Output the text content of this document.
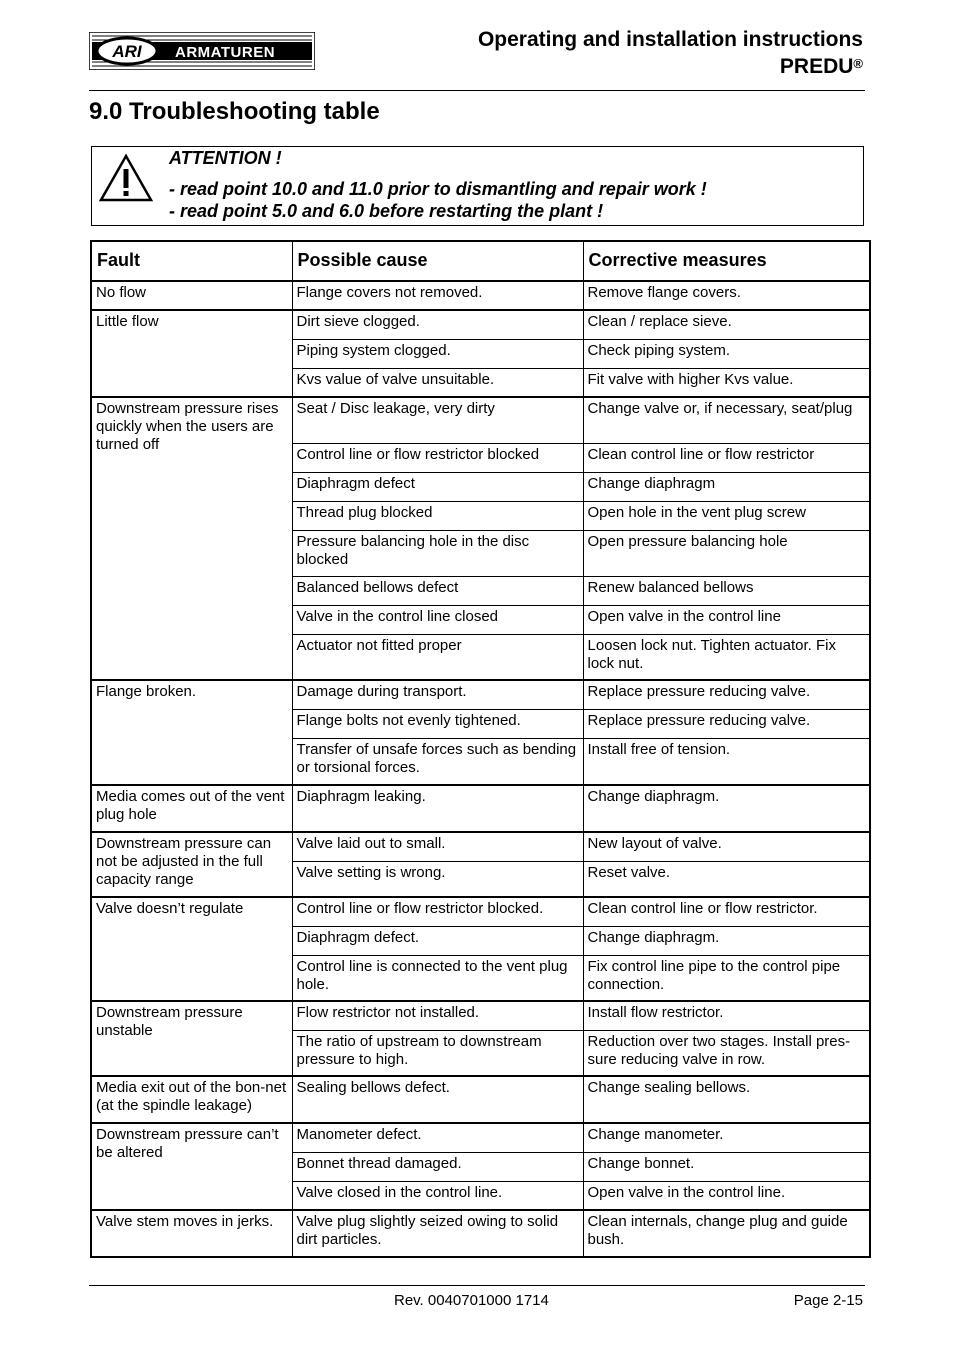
ARI ARMATUREN
Operating and installation instructions
PREDU®
9.0 Troubleshooting table
ATTENTION !
- read point 10.0 and 11.0 prior to dismantling and repair work !
- read point 5.0 and 6.0 before restarting the plant !
Fault	Possible cause	Corrective measures
No flow	Flange covers not removed.	Remove flange covers.
Little flow	Dirt sieve clogged.	Clean / replace sieve.
	Piping system clogged.	Check piping system.
	Kvs value of valve unsuitable.	Fit valve with higher Kvs value.
Downstream pressure rises quickly when the users are turned off	Seat / Disc leakage, very dirty	Change valve or, if necessary, seat/plug
	Control line or flow restrictor blocked	Clean control line or flow restrictor
	Diaphragm defect	Change diaphragm
	Thread plug blocked	Open hole in the vent plug screw
	Pressure balancing hole in the disc blocked	Open pressure balancing hole
	Balanced bellows defect	Renew balanced bellows
	Valve in the control line closed	Open valve in the control line
	Actuator not fitted proper	Loosen lock nut. Tighten actuator. Fix lock nut.
Flange broken.	Damage during transport.	Replace pressure reducing valve.
	Flange bolts not evenly tightened.	Replace pressure reducing valve.
	Transfer of unsafe forces such as bending or torsional forces.	Install free of tension.
Media comes out of the vent plug hole	Diaphragm leaking.	Change diaphragm.
Downstream pressure can not be adjusted in the full capacity range	Valve laid out to small.	New layout of valve.
	Valve setting is wrong.	Reset valve.
Valve doesn’t regulate	Control line or flow restrictor blocked.	Clean control line or flow restrictor.
	Diaphragm defect.	Change diaphragm.
	Control line is connected to the vent plug hole.	Fix control line pipe to the control pipe connection.
Downstream pressure unstable	Flow restrictor not installed.	Install flow restrictor.
	The ratio of upstream to downstream pressure to high.	Reduction over two stages. Install pres-sure reducing valve in row.
Media exit out of the bon-net (at the spindle leakage)	Sealing bellows defect.	Change sealing bellows.
Downstream pressure can’t be altered	Manometer defect.	Change manometer.
	Bonnet thread damaged.	Change bonnet.
	Valve closed in the control line.	Open valve in the control line.
Valve stem moves in jerks.	Valve plug slightly seized owing to solid dirt particles.	Clean internals, change plug and guide bush.
Rev. 0040701000 1714	Page 2-15
